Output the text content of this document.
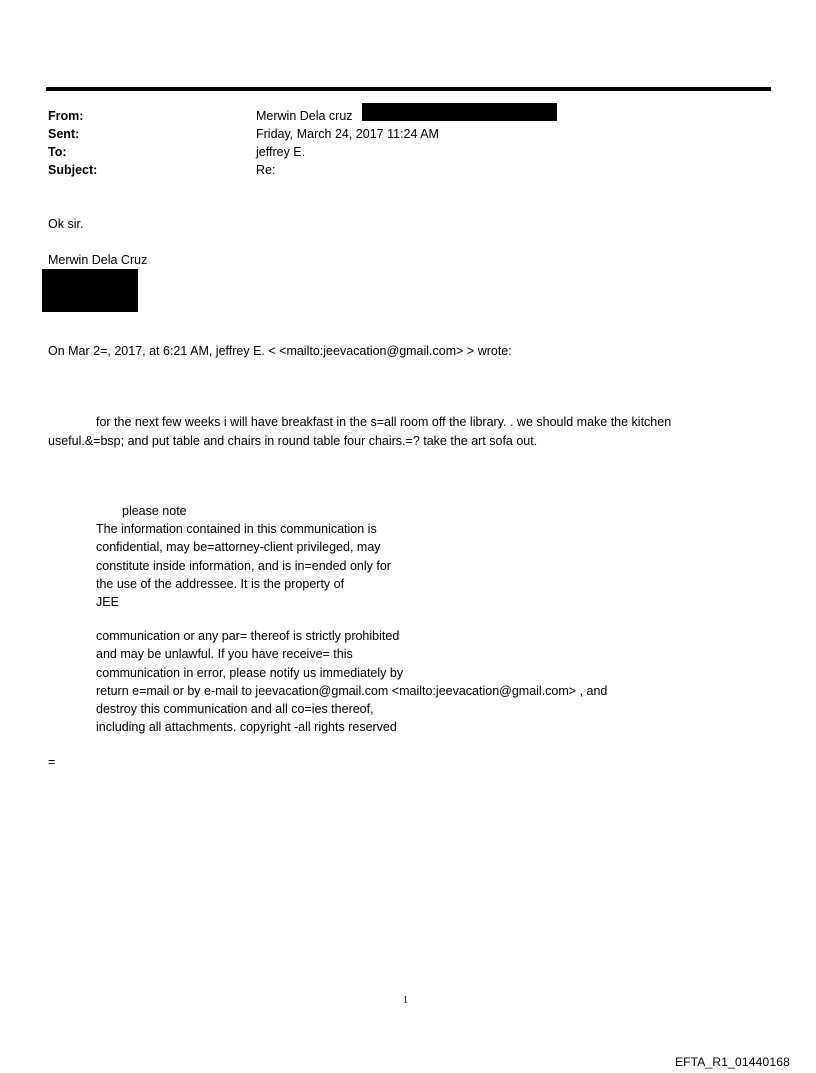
From:	Merwin Dela cruz
Sent:	Friday, March 24, 2017 11:24 AM
To:	jeffrey E.
Subject:	Re:
Ok sir.
Merwin Dela Cruz
On Mar 2=, 2017, at 6:21 AM, jeffrey E. < <mailto:jeevacation@gmail.com> > wrote:
for the next few weeks i will have breakfast in the s=all room off the library. . we should make the kitchen useful.&=bsp; and put table and chairs in round table four chairs.=? take the art sofa out.
please note
The information contained in this communication is
confidential, may be=attorney-client privileged, may
constitute inside information, and is in=ended only for
the use of the addressee. It is the property of
JEE
communication or any par= thereof is strictly prohibited
and may be unlawful. If you have receive= this
communication in error, please notify us immediately by
return e=mail or by e-mail to jeevacation@gmail.com <mailto:jeevacation@gmail.com> , and
destroy this communication and all co=ies thereof,
including all attachments. copyright -all rights reserved
=
1
EFTA_R1_01440168
